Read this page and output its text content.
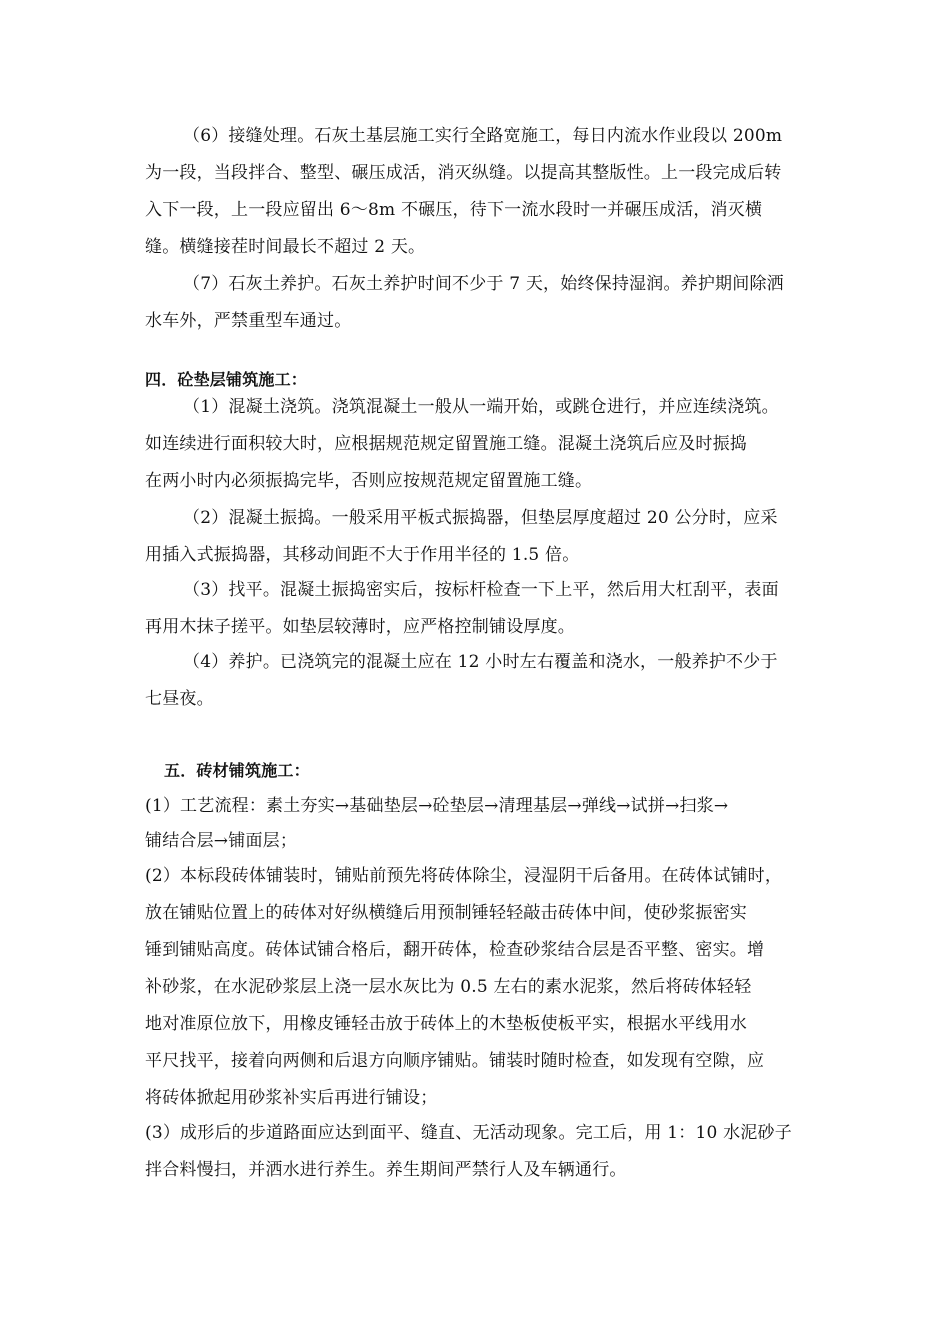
（6）接缝处理。石灰土基层施工实行全路宽施工，每日内流水作业段以 200m
为一段，当段拌合、整型、碾压成活，消灭纵缝。以提高其整版性。上一段完成后转
入下一段，上一段应留出 6～8m 不碾压，待下一流水段时一并碾压成活，消灭横
缝。横缝接茬时间最长不超过 2 天。
（7）石灰土养护。石灰土养护时间不少于 7 天，始终保持湿润。养护期间除洒
水车外，严禁重型车通过。
四．砼垫层铺筑施工：
（1）混凝土浇筑。浇筑混凝土一般从一端开始，或跳仓进行，并应连续浇筑。
如连续进行面积较大时，应根据规范规定留置施工缝。混凝土浇筑后应及时振捣
在两小时内必须振捣完毕，否则应按规范规定留置施工缝。
（2）混凝土振捣。一般采用平板式振捣器，但垫层厚度超过 20 公分时，应采
用插入式振捣器，其移动间距不大于作用半径的 1.5 倍。
（3）找平。混凝土振捣密实后，按标杆检查一下上平，然后用大杠刮平，表面
再用木抹子搓平。如垫层较薄时，应严格控制铺设厚度。
（4）养护。已浇筑完的混凝土应在 12 小时左右覆盖和浇水，一般养护不少于
七昼夜。
五．砖材铺筑施工：
(1）工艺流程：素土夯实→基础垫层→砼垫层→清理基层→弹线→试拼→扫浆→
铺结合层→铺面层；
(2）本标段砖体铺装时，铺贴前预先将砖体除尘，浸湿阴干后备用。在砖体试铺时，
放在铺贴位置上的砖体对好纵横缝后用预制锤轻轻敲击砖体中间，使砂浆振密实
锤到铺贴高度。砖体试铺合格后，翻开砖体，检查砂浆结合层是否平整、密实。增
补砂浆，在水泥砂浆层上浇一层水灰比为 0.5 左右的素水泥浆，然后将砖体轻轻
地对准原位放下，用橡皮锤轻击放于砖体上的木垫板使板平实，根据水平线用水
平尺找平，接着向两侧和后退方向顺序铺贴。铺装时随时检查，如发现有空隙，应
将砖体掀起用砂浆补实后再进行铺设；
(3）成形后的步道路面应达到面平、缝直、无活动现象。完工后，用 1：10 水泥砂子
拌合料慢扫，并洒水进行养生。养生期间严禁行人及车辆通行。
